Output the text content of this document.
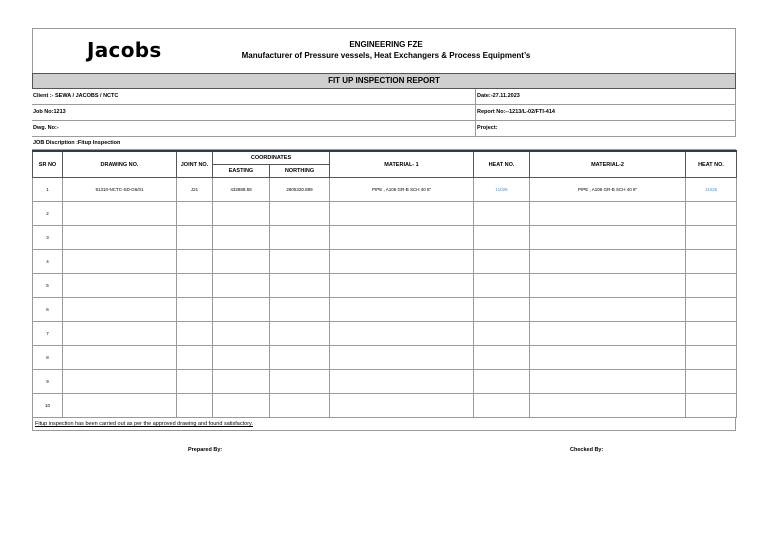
Jacobs	ENGINEERING FZE
Manufacturer of Pressure vessels, Heat Exchangers & Process Equipment’s
FIT UP INSPECTION REPORT
Client :- SEWA / JACOBS / NCTC	Date:-27.11.2023
Job No:1213	Report No:--1213/L-02/FTI-414
Dwg. No:-	Project:
JOB Discription :Fitup Inspection
SR NO	DRAWING NO.	JOINT NO.	COORDINATES		MATERIAL- 1	HEAT NO.	MATERIAL-2	HEAT NO.
			EASTING	NORTHING				
1	91310-NCTC-SD-G6/01	J21	432888.59	2805320.899	PIPE , A106 GR-B SCH 40 8"	11026	PIPE , A106 GR-B SCH 40 8"	11026
2								
3								
4								
5								
6								
7								
8								
9								
10								
Fitup inspection has been carried out as per the approved drawing and found satisfactory.
Prepared By:	Checked By:
